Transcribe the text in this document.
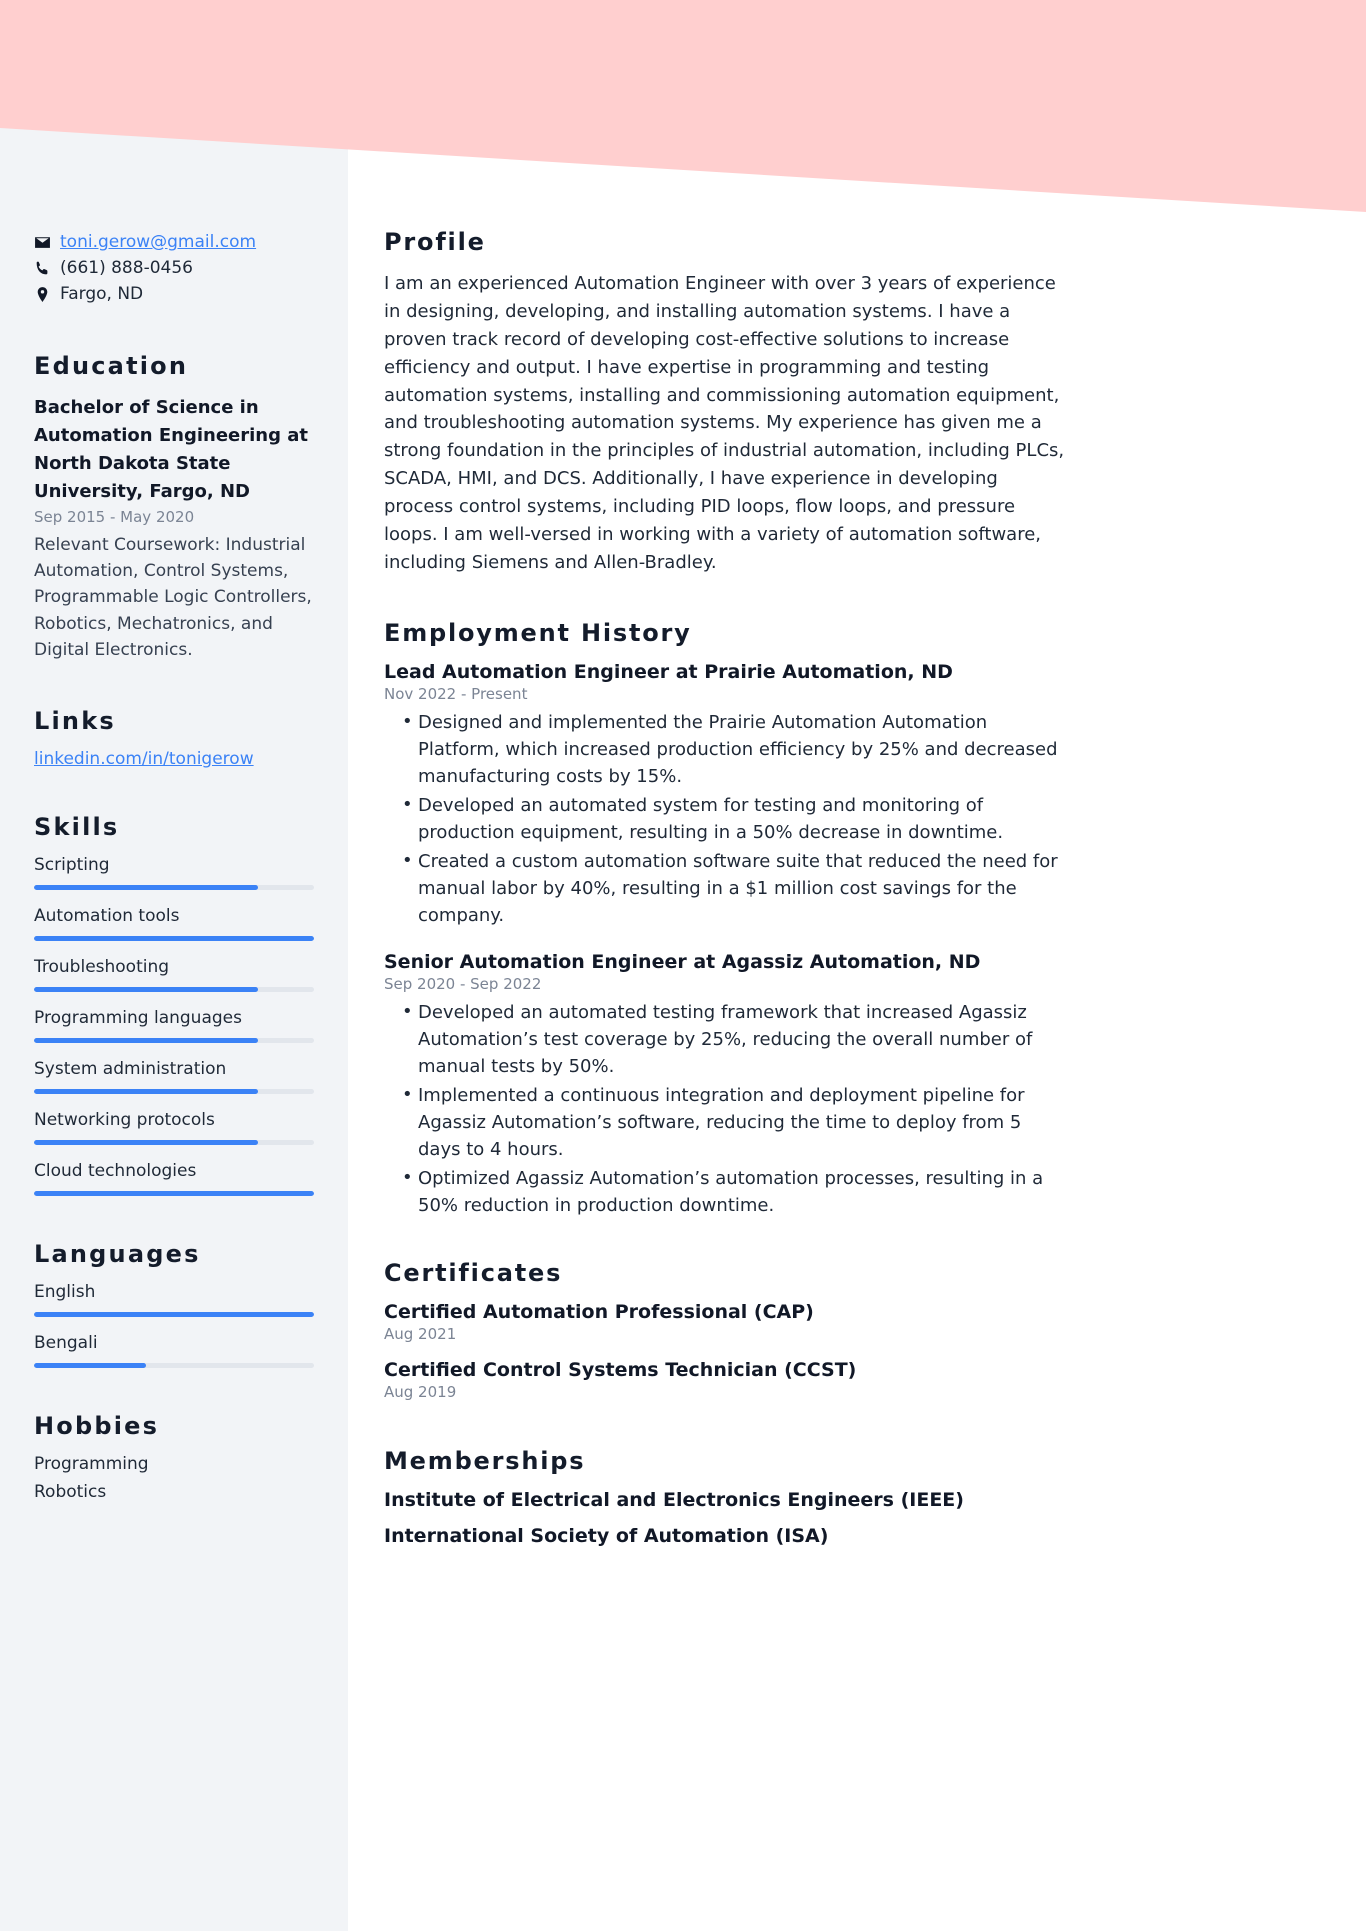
toni.gerow@gmail.com
(661) 888-0456
Fargo, ND
Education
Bachelor of Science in Automation Engineering at North Dakota State University, Fargo, ND
Sep 2015 - May 2020
Relevant Coursework: Industrial Automation, Control Systems, Programmable Logic Controllers, Robotics, Mechatronics, and Digital Electronics.
Links
linkedin.com/in/tonigerow
Skills
Scripting
Automation tools
Troubleshooting
Programming languages
System administration
Networking protocols
Cloud technologies
Languages
English
Bengali
Hobbies
Programming
Robotics
Profile
I am an experienced Automation Engineer with over 3 years of experience in designing, developing, and installing automation systems. I have a proven track record of developing cost-effective solutions to increase efficiency and output. I have expertise in programming and testing automation systems, installing and commissioning automation equipment, and troubleshooting automation systems. My experience has given me a strong foundation in the principles of industrial automation, including PLCs, SCADA, HMI, and DCS. Additionally, I have experience in developing process control systems, including PID loops, flow loops, and pressure loops. I am well-versed in working with a variety of automation software, including Siemens and Allen-Bradley.
Employment History
Lead Automation Engineer at Prairie Automation, ND
Nov 2022 - Present
• Designed and implemented the Prairie Automation Automation Platform, which increased production efficiency by 25% and decreased manufacturing costs by 15%.
• Developed an automated system for testing and monitoring of production equipment, resulting in a 50% decrease in downtime.
• Created a custom automation software suite that reduced the need for manual labor by 40%, resulting in a $1 million cost savings for the company.
Senior Automation Engineer at Agassiz Automation, ND
Sep 2020 - Sep 2022
• Developed an automated testing framework that increased Agassiz Automation’s test coverage by 25%, reducing the overall number of manual tests by 50%.
• Implemented a continuous integration and deployment pipeline for Agassiz Automation’s software, reducing the time to deploy from 5 days to 4 hours.
• Optimized Agassiz Automation’s automation processes, resulting in a 50% reduction in production downtime.
Certificates
Certified Automation Professional (CAP)
Aug 2021
Certified Control Systems Technician (CCST)
Aug 2019
Memberships
Institute of Electrical and Electronics Engineers (IEEE)
International Society of Automation (ISA)
